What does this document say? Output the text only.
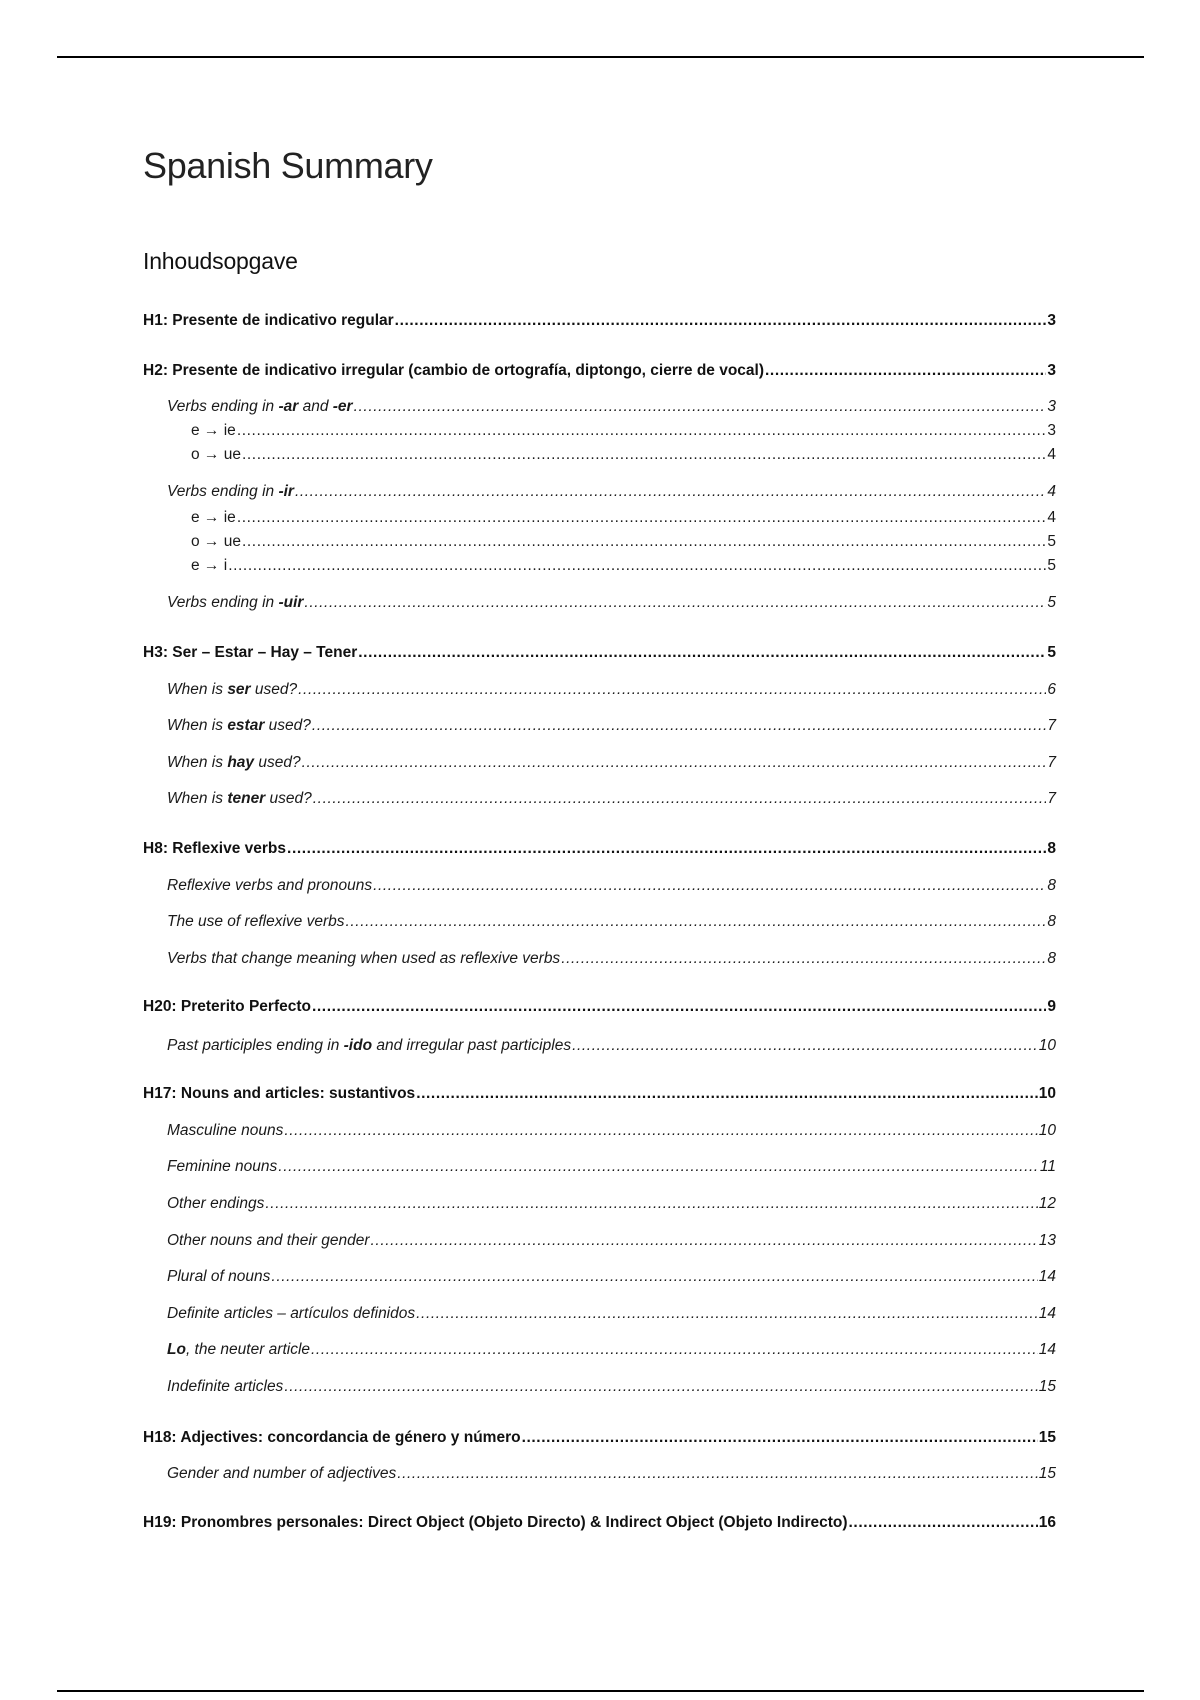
Spanish Summary
Inhoudsopgave
H1: Presente de indicativo regular .....	3
H2: Presente de indicativo irregular (cambio de ortografía, diptongo, cierre de vocal) .....	3
Verbs ending in -ar and -er .....	3
e → ie .....	3
o → ue .....	4
Verbs ending in -ir .....	4
e → ie .....	4
o → ue .....	5
e → i .....	5
Verbs ending in -uir .....	5
H3: Ser – Estar – Hay – Tener .....	5
When is ser used? .....	6
When is estar used? .....	7
When is hay used? .....	7
When is tener used? .....	7
H8: Reflexive verbs .....	8
Reflexive verbs and pronouns .....	8
The use of reflexive verbs .....	8
Verbs that change meaning when used as reflexive verbs .....	8
H20: Preterito Perfecto .....	9
Past participles ending in -ido and irregular past participles .....	10
H17: Nouns and articles: sustantivos .....	10
Masculine nouns .....	10
Feminine nouns .....	11
Other endings .....	12
Other nouns and their gender .....	13
Plural of nouns .....	14
Definite articles – artículos definidos .....	14
Lo, the neuter article .....	14
Indefinite articles .....	15
H18: Adjectives: concordancia de género y número .....	15
Gender and number of adjectives .....	15
H19: Pronombres personales: Direct Object (Objeto Directo) & Indirect Object (Objeto Indirecto) .....	16
